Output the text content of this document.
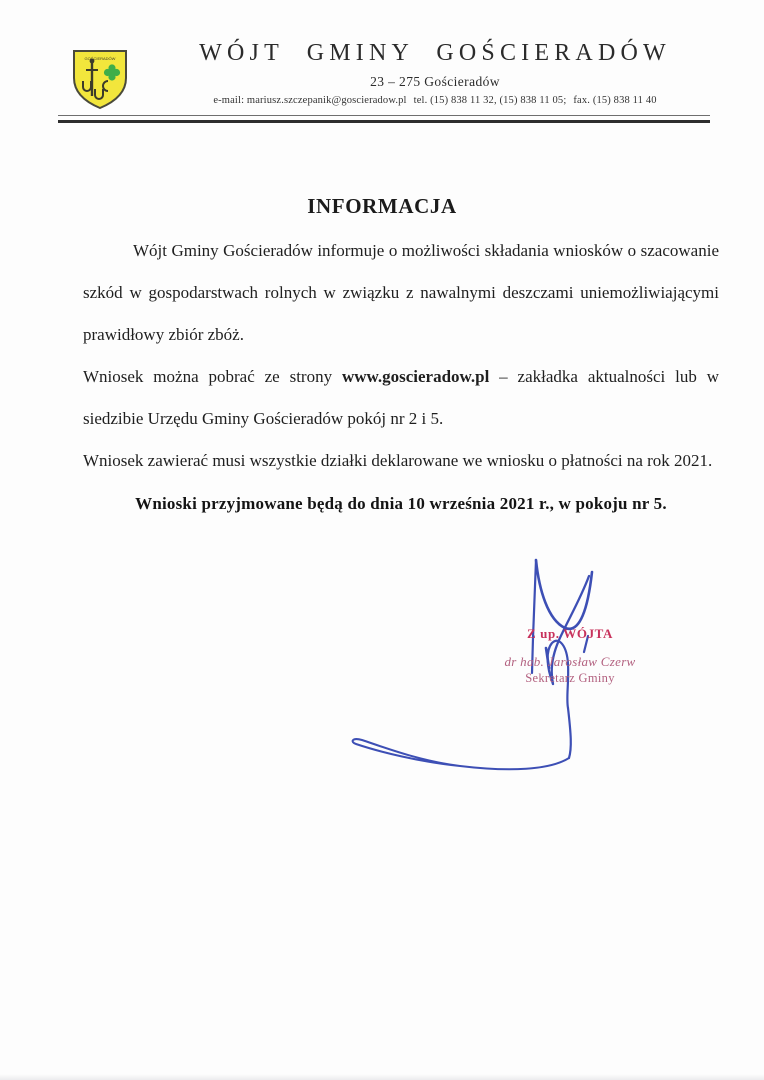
GOŚCIERADÓW	WÓJT GMINY GOŚCIERADÓW
23 – 275 Gościeradów
e-mail: mariusz.szczepanik@goscieradow.pl tel. (15) 838 11 32, (15) 838 11 05; fax. (15) 838 11 40
INFORMACJA

Wójt Gminy Gościeradów informuje o możliwości składania wniosków o szacowanie szkód w gospodarstwach rolnych w związku z nawalnymi deszczami uniemożliwiającymi prawidłowy zbiór zbóż.

Wniosek można pobrać ze strony www.goscieradow.pl – zakładka aktualności lub w siedzibie Urzędu Gminy Gościeradów pokój nr 2 i 5.

Wniosek zawierać musi wszystkie działki deklarowane we wniosku o płatności na rok 2021.

Wnioski przyjmowane będą do dnia 10 września 2021 r., w pokoju nr 5.
Z up. WÓJTA
dr hab. Jarosław Czerw
Sekretarz Gminy
